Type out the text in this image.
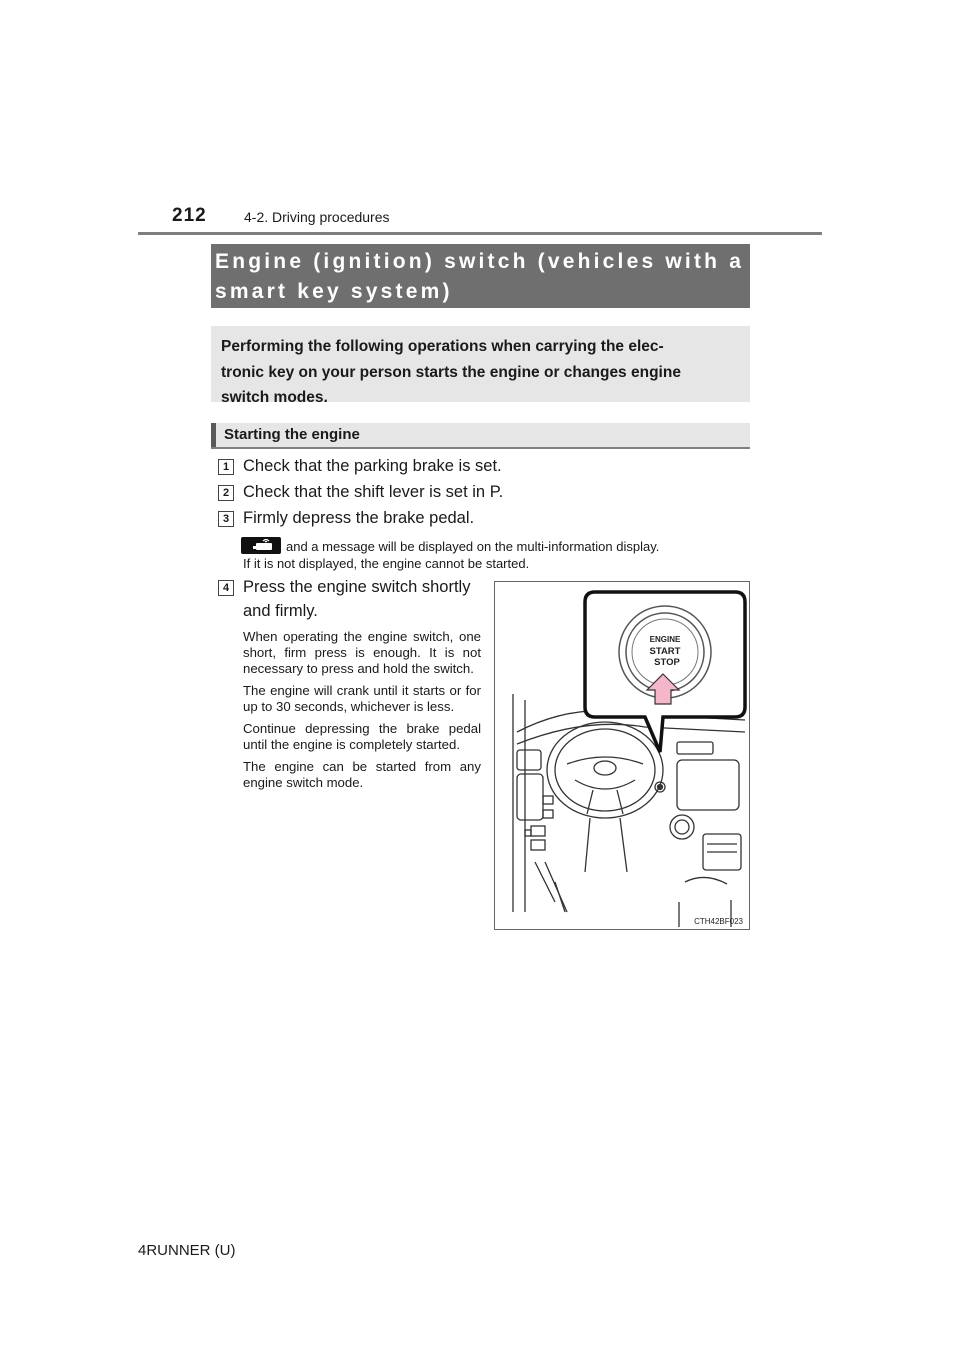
212	4-2. Driving procedures
Engine (ignition) switch (vehicles with a
smart key system)
Performing the following operations when carrying the elec-
tronic key on your person starts the engine or changes engine
switch modes.
Starting the engine
1 Check that the parking brake is set.
2 Check that the shift lever is set in P.
3 Firmly depress the brake pedal.
and a message will be displayed on the multi-information display.
If it is not displayed, the engine cannot be started.
4 Press the engine switch shortly
and firmly.

When operating the engine switch, one short, firm press is enough. It is not necessary to press and hold the switch.

The engine will crank until it starts or for up to 30 seconds, whichever is less.

Continue depressing the brake pedal until the engine is completely started.

The engine can be started from any engine switch mode.

ENGINE
START
STOP
CTH42BF023
4RUNNER (U)
